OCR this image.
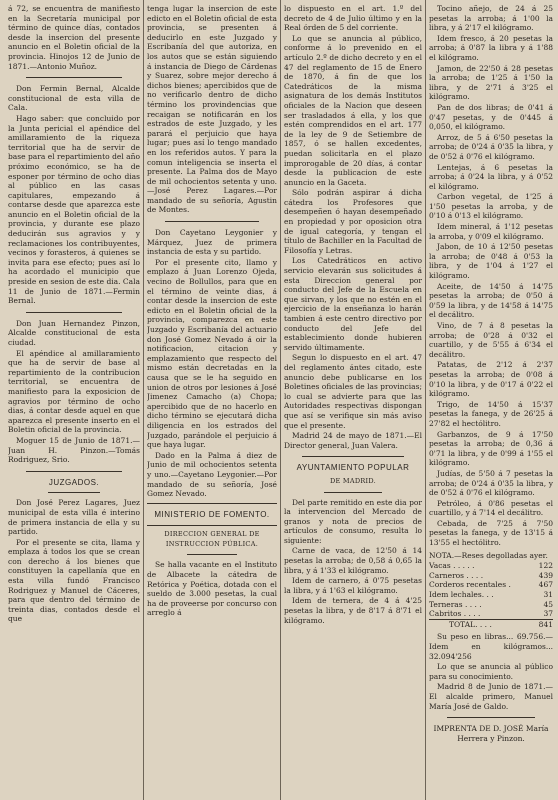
á 72, se encuentra de manifiesto en la Secretaría municipal por término de quince días, contados desde la insercion del presente anuncio en el Boletin oficial de la provincia. Hinojos 12 de Junio de 1871.—Antonio Muñoz.

Don Fermin Bernal, Alcalde constitucional de esta villa de Cala.

Hago saber: que concluido por la Junta pericial el apéndice del amillaramiento de la riqueza territorial que ha de servir de base para el repartimiento del año próximo económico, se ha de esponer por término de ocho dias al público en las casas capitulares, empezando á contarse desde que aparezca este anuncio en el Boletin oficial de la provincia, y durante ese plazo deducirán sus agravios y y reclamaciones los contribuyentes, vecinos y forasteros, á quienes se invita para ese efecto; pues así lo ha acordado el municipio que preside en sesion de este dia. Cala 11 de Junio de 1871.—Fermin Bernal.

Don Juan Hernandez Pinzon, Alcalde constitucional de esta ciudad.

El apéndice al amillaramiento que ha de servir de base al repartimiento de la contribucion territorial, se encuentra de manifiesto para la exposicion de agravios por término de ocho dias, á contar desde aquel en que aparezca el presente inserto en el Boletin oficial de la provincia.

Moguer 15 de Junio de 1871.—Juan H. Pinzon.—Tomás Rodriguez, Srio.

JUZGADOS.

Don José Perez Lagares, Juez municipal de esta villa é interino de primera instancia de ella y su partido.

Por el presente se cita, llama y emplaza á todos los que se crean con derecho á los bienes que constituyen la capellanía que en esta villa fundó Francisco Rodriguez y Manuel de Cáceres, para que dentro del término de treinta dias, contados desde el que

tenga lugar la insercion de este edicto en el Boletin oficial de esta provincia, se presenten á deducirlo en este Juzgado y Escribanía del que autoriza, en los autos que se están siguiendo á instancia de Diego de Cárdenas y Suarez, sobre mejor derecho á dichos bienes; apercibidos que de no verificarlo dentro de dicho término los provindencias que recaigan se notificarán en los estrados de este Juzgado, y les parará el perjuicio que haya lugar; pues así lo tengo mandado en los referidos autos. Y para la comun inteligencia se inserta el presente. La Palma dos de Mayo de mil ochocientos setenta y uno.—José Perez Lagares.—Por mandado de su señoría, Agustin de Montes.

Don Cayetano Leygonier y Márquez, Juez de primera instancia de esta y su partido.

Por el presente cito, llamo y emplazo á Juan Lorenzo Ojeda, vecino de Bollullos, para que en el término de veinte dias, á contar desde la insercion de este edicto en el Boletin oficial de la provincia, comparezca en este Juzgado y Escribanía del actuario don José Gomez Nevado á oir la notificacion, citacion y emplazamiento que respecto del mismo están decretadas en la causa que se le ha seguido en union de otros por lesiones á José Jimenez Camacho (a) Chopa; apercibido que de no hacerlo en dicho término se ejecutará dicha diligencia en los estrados del Juzgado, parándole el perjuicio á que haya lugar.

Dado en la Palma á diez de Junio de mil ochocientos setenta y uno.—Cayetano Leygonier.—Por mandado de su señoría, José Gomez Nevado.

MINISTERIO DE FOMENTO.
DIRECCION GENERAL DE INSTRUCCION PÚBLICA.

Se halla vacante en el Instituto de Albacete la cátedra de Retórica y Poética, dotada con el sueldo de 3.000 pesetas, la cual ha de proveerse por concurso con arreglo á

lo dispuesto en el art. 1.º del decreto de 4 de Julio último y en la Real órden de 5 del corriente.

Lo que se anuncia al público, conforme á lo prevenido en el artículo 2.º de dicho decreto y en el 47 del reglamento de 15 de Enero de 1870, á fin de que los Catedráticos de la misma asignatura de los demás Institutos oficiales de la Nacion que deseen ser trasladados á ella, y los que estén comprendidos en el art. 177 de la ley de 9 de Setiembre de 1857, ó se hallen excedentes, puedan solicitarla en el plazo improrogable de 20 días, á contar desde la publicacion de este anuncio en la Gaceta.

Sólo podrán aspirar á dicha cátedra los Profesores que desempeñen ó hayan desempeñado en propiedad y por oposicion otra de igual categoría, y tengan el título de Bachiller en la Facultad de Filosofía y Letras.

Los Catedráticos en activo servicio elevarán sus solicitudes á esta Direccion general por conducto del Jefe de la Escuela en que sirvan, y los que no estén en el ejercicio de la enseñanza lo harán tambien á este centro directivo por conducto del Jefe del establecimiento donde hubieren servido últimamente.

Segun lo dispuesto en el art. 47 del reglamento ántes citado, este anuncio debe publicarse en los Boletines oficiales de las provincias; lo cual se advierte para que las Autoridades respectivas dispongan que así se verifique sin más aviso que el presente.

Madrid 24 de mayo de 1871.—El Director general, Juan Valera.

AYUNTAMIENTO POPULAR
DE MADRID.

Del parte remitido en este dia por la intervencion del Mercado de granos y nota de precios de artículos de consumo, resulta lo siguiente:

Carne de vaca, de 12'50 á 14 pesetas la arroba; de 0,58 á 0,65 la libra, y á 1'33 el kilógramo.

Idem de carnero, á 0'75 pesetas la libra, y á 1'63 el kilógramo.

Idem de ternera, de 4 á 4'25 pesetas la libra, y de 8'17 á 8'71 el kilógramo.

Tocino añejo, de 24 á 25 pesetas la arroba; á 1'00 la libra, y á 2'17 el kilógramo.

Idem fresco, á 20 pesetas la arroba; á 0'87 la libra y á 1'88 el kilógramo.

Jamon, de 22'50 á 28 pesetas la arroba; de 1'25 á 1'50 la libra, y de 2'71 á 3'25 el kilógramo.

Pan de dos libras; de 0'41 á 0'47 pesetas, y de 0'445 á 0,050, el kilógramo.

Arroz, de 5 á 6'50 pesetas la arroba; de 0'24 á 0'35 la libra, y de 0'52 á 0'76 el kilógramo.

Lentejas, á 6 pesetas la arroba; á 0'24 la libra, y á 0'52 el kilógramo.

Carbon vegetal, de 1'25 á 1'50 pesetas la arroba, y de 0'10 á 0'13 el kilógramo.

Idem mineral, á 1'12 pesetas la arroba, y 0'09 el kilógramo.

Jabon, de 10 á 12'50 pesetas la arroba; de 0'48 á 0'53 la libra, y de 1'04 á 1'27 el kilógramo.

Aceite, de 14'50 á 14'75 pesetas la arroba; de 0'50 á 0'59 la libra, y de 14'58 á 14'75 el decálitro.

Vino, de 7 á 8 pesetas la arroba; de 0'28 á 0'32 el cuartillo, y de 5'55 á 6'34 el decálitro.

Patatas, de 2'12 á 2'37 pesetas la arroba; de 0'08 á 0'10 la libra, y de 0'17 á 0'22 el kilógramo.

Trigo, de 14'50 á 15'37 pesetas la fanega, y de 26'25 á 27'82 el hectólitro.

Garbanzos, de 9 á 17'50 pesetas la arroba; de 0,36 á 0'71 la libra, y de 0'99 á 1'55 el kilógramo.

Judías, de 5'50 á 7 pesetas la arroba; de 0'24 á 0'35 la libra, y de 0'52 á 0'76 el kilógramo.

Petróleo, á 0'86 pesetas el cuartillo, y á 7'14 el decálitro.

Cebada, de 7'25 á 7'50 pesetas la fanega, y de 13'15 á 13'55 el hectólitro.

NOTA.—Reses degolladas ayer.

Vacas . . . . .	122
Carneros . . . .	439
Corderos recentales .	467
Idem lechales. . .	31
Terneras . . . .	45
Cabritos . . . .	37
TOTAL. . . .	841

Su peso en libras... 69.756.— Idem en kilógramos... 32.094'256

Lo que se anuncia al público para su conocimiento.

Madrid 8 de Junio de 1871.— El alcalde primero, Manuel María José de Galdo.

IMPRENTA DE D. JOSÉ María Herrera y Pinzon.
